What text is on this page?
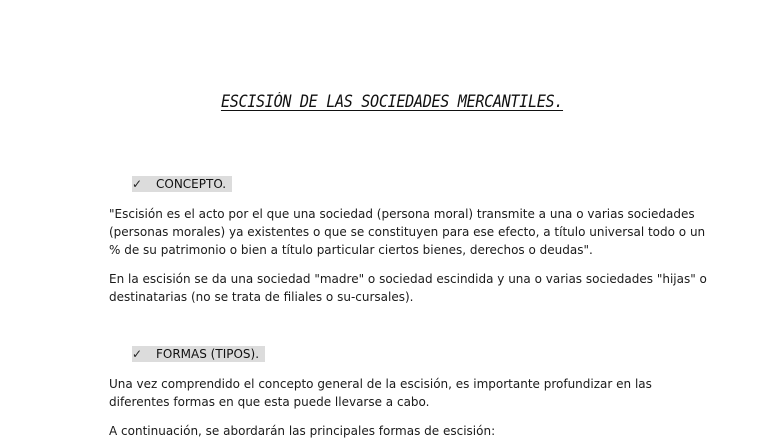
ESCISIÓN DE LAS SOCIEDADES MERCANTILES.
✓	CONCEPTO.

"Escisión es el acto por el que una sociedad (persona moral) transmite a una o varias sociedades
(personas morales) ya existentes o que se constituyen para ese efecto, a título universal todo o un
% de su patrimonio o bien a título particular ciertos bienes, derechos o deudas".

En la escisión se da una sociedad "madre" o sociedad escindida y una o varias sociedades "hijas" o
destinatarias (no se trata de filiales o su-cursales).

✓	FORMAS (TIPOS).

Una vez comprendido el concepto general de la escisión, es importante profundizar en las
diferentes formas en que esta puede llevarse a cabo.

A continuación, se abordarán las principales formas de escisión:
